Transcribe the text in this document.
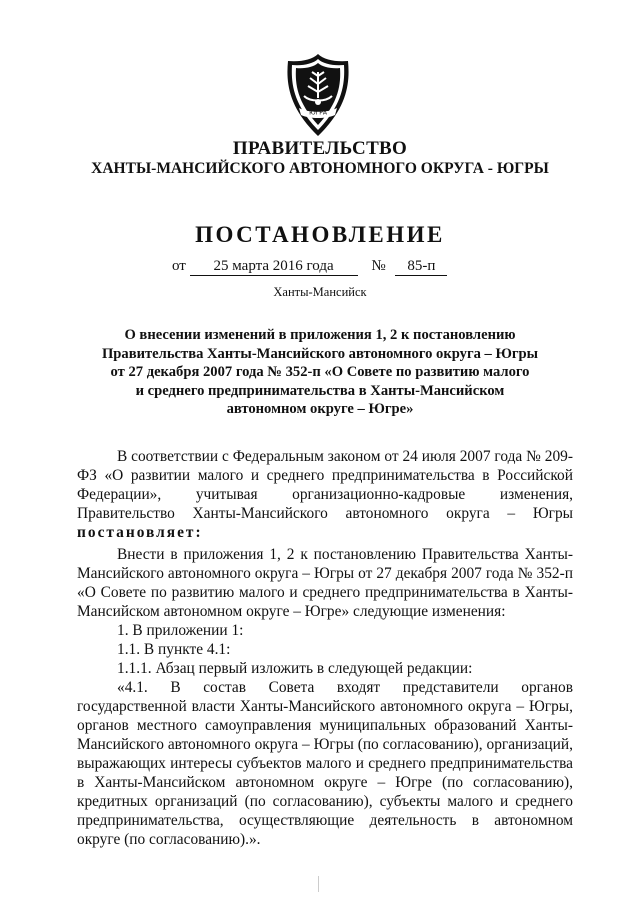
ЮГРА
ПРАВИТЕЛЬСТВО
ХАНТЫ-МАНСИЙСКОГО АВТОНОМНОГО ОКРУГА - ЮГРЫ
ПОСТАНОВЛЕНИЕ
от 25 марта 2016 года	№ 85-п
Ханты-Мансийск
О внесении изменений в приложения 1, 2 к постановлению
Правительства Ханты-Мансийского автономного округа – Югры
от 27 декабря 2007 года № 352-п «О Совете по развитию малого
и среднего предпринимательства в Ханты-Мансийском
автономном округе – Югре»

В соответствии с Федеральным законом от 24 июля 2007 года № 209-ФЗ «О развитии малого и среднего предпринимательства в Российской Федерации», учитывая организационно-кадровые изменения, Правительство Ханты-Мансийского автономного округа – Югры постановляет:

Внести в приложения 1, 2 к постановлению Правительства Ханты-Мансийского автономного округа – Югры от 27 декабря 2007 года № 352-п «О Совете по развитию малого и среднего предпринимательства в Ханты-Мансийском автономном округе – Югре» следующие изменения:

1. В приложении 1:

1.1. В пункте 4.1:

1.1.1. Абзац первый изложить в следующей редакции:

«4.1. В состав Совета входят представители органов государственной власти Ханты-Мансийского автономного округа – Югры, органов местного самоуправления муниципальных образований Ханты-Мансийского автономного округа – Югры (по согласованию), организаций, выражающих интересы субъектов малого и среднего предпринимательства в Ханты-Мансийском автономном округе – Югре (по согласованию), кредитных организаций (по согласованию), субъекты малого и среднего предпринимательства, осуществляющие деятельность в автономном округе (по согласованию).».
